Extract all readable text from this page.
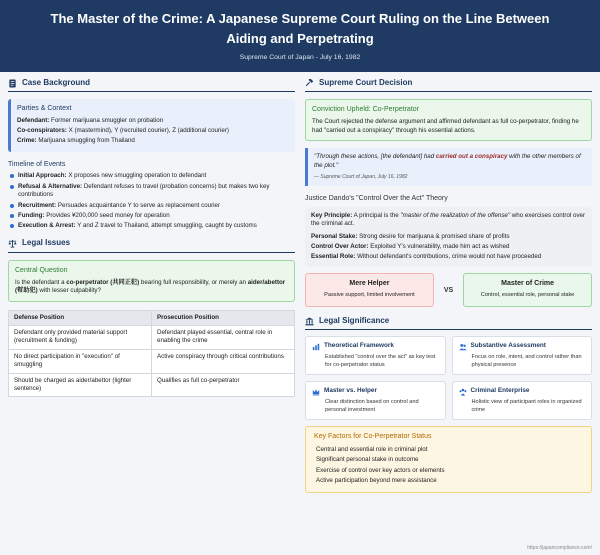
The Master of the Crime: A Japanese Supreme Court Ruling on the Line Between Aiding and Perpetrating
Supreme Court of Japan - July 16, 1982
Case Background
Parties & Context
Defendant: Former marijuana smuggler on probation
Co-conspirators: X (mastermind), Y (recruited courier), Z (additional courier)
Crime: Marijuana smuggling from Thailand
Timeline of Events
Initial Approach: X proposes new smuggling operation to defendant
Refusal & Alternative: Defendant refuses to travel (probation concerns) but makes two key contributions
Recruitment: Persuades acquaintance Y to serve as replacement courier
Funding: Provides ¥200,000 seed money for operation
Execution & Arrest: Y and Z travel to Thailand, attempt smuggling, caught by customs
Legal Issues
Central Question
Is the defendant a co-perpetrator (共同正犯) bearing full responsibility, or merely an aider/abettor (幇助犯) with lesser culpability?
Defense Position	Prosecution Position
Defendant only provided material support (recruitment & funding)	Defendant played essential, central role in enabling the crime
No direct participation in "execution" of smuggling	Active conspiracy through critical contributions
Should be charged as aider/abettor (lighter sentence)	Qualifies as full co-perpetrator
Supreme Court Decision
Conviction Upheld: Co-Perpetrator
The Court rejected the defense argument and affirmed defendant as full co-perpetrator, finding he had "carried out a conspiracy" through his essential actions.
"Through these actions, [the defendant] had carried out a conspiracy with the other members of the plot."
— Supreme Court of Japan, July 16, 1982
Justice Dando's "Control Over the Act" Theory
Key Principle: A principal is the "master of the realization of the offense" who exercises control over the criminal act.
Personal Stake: Strong desire for marijuana & promised share of profits
Control Over Actor: Exploited Y's vulnerability, made him act as wished
Essential Role: Without defendant's contributions, crime would not have proceeded
Mere Helper
Passive support, limited involvement
VS
Master of Crime
Control, essential role, personal stake
Legal Significance
Theoretical Framework
Established "control over the act" as key test for co-perpetrator status
Substantive Assessment
Focus on role, intent, and control rather than physical presence
Master vs. Helper
Clear distinction based on control and personal investment
Criminal Enterprise
Holistic view of participant roles in organized crime
Key Factors for Co-Perpetrator Status
Central and essential role in criminal plot
Significant personal stake in outcome
Exercise of control over key actors or elements
Active participation beyond mere assistance
https://japancompliance.com/
